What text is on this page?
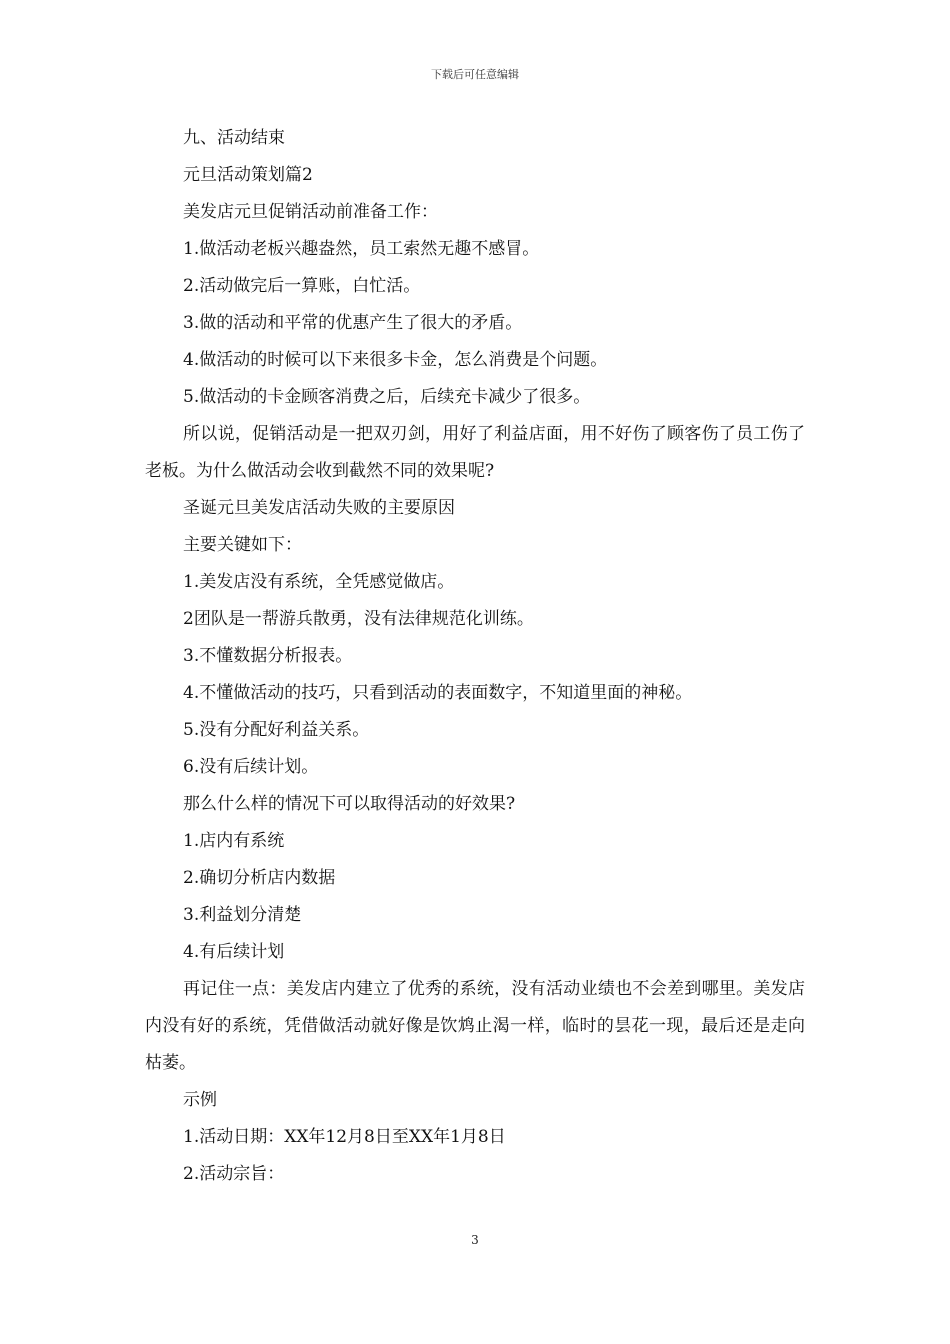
下载后可任意编辑

九、活动结束

元旦活动策划篇2

美发店元旦促销活动前准备工作：

1.做活动老板兴趣盎然，员工索然无趣不感冒。

2.活动做完后一算账，白忙活。

3.做的活动和平常的优惠产生了很大的矛盾。

4.做活动的时候可以下来很多卡金，怎么消费是个问题。

5.做活动的卡金顾客消费之后，后续充卡减少了很多。

所以说，促销活动是一把双刃剑，用好了利益店面，用不好伤了顾客伤了员工伤了老板。为什么做活动会收到截然不同的效果呢?

圣诞元旦美发店活动失败的主要原因

主要关键如下：

1.美发店没有系统，全凭感觉做店。

2团队是一帮游兵散勇，没有法律规范化训练。

3.不懂数据分析报表。

4.不懂做活动的技巧，只看到活动的表面数字，不知道里面的神秘。

5.没有分配好利益关系。

6.没有后续计划。

那么什么样的情况下可以取得活动的好效果?

1.店内有系统

2.确切分析店内数据

3.利益划分清楚

4.有后续计划

再记住一点：美发店内建立了优秀的系统，没有活动业绩也不会差到哪里。美发店内没有好的系统，凭借做活动就好像是饮鸩止渴一样，临时的昙花一现，最后还是走向枯萎。

示例

1.活动日期：XX年12月8日至XX年1月8日

2.活动宗旨：

3
